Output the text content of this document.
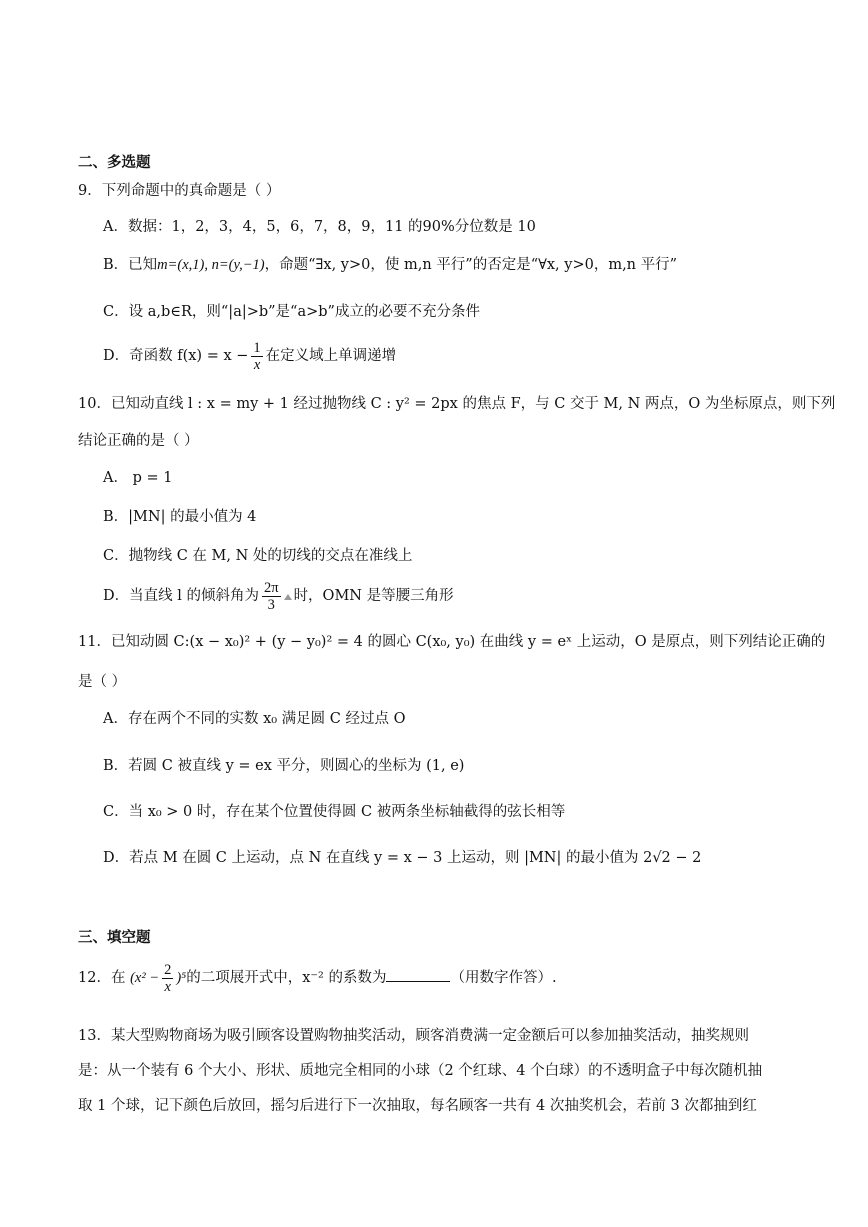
二、多选题
9．下列命题中的真命题是（ ）
A．数据：1，2，3，4，5，6，7，8，9，11 的90%分位数是 10
B．已知m=(x,1), n=(y,−1)，命题“∃x, y>0，使 m,n 平行”的否定是“∀x, y>0，m,n 平行”
C．设 a,b∈R，则“|a|>b”是“a>b”成立的必要不充分条件
D．奇函数 $f(x) = x - \frac{1}{x}$ 在定义域上单调递增
10．已知动直线 l : x = my + 1 经过抛物线 C : y² = 2px 的焦点 F，与 C 交于 M, N 两点，O 为坐标原点，则下列
结论正确的是（ ）
A． p = 1
B．|MN| 的最小值为 4
C．抛物线 C 在 M, N 处的切线的交点在准线上
D．当直线 l 的倾斜角为 $\frac{2\pi}{3}$ 时，OMN 是等腰三角形
11．已知动圆 C:(x − x₀)² + (y − y₀)² = 4 的圆心 C(x₀, y₀) 在曲线 y = eˣ 上运动，O 是原点，则下列结论正确的
是（ ）
A．存在两个不同的实数 x₀ 满足圆 C 经过点 O
B．若圆 C 被直线 y = ex 平分，则圆心的坐标为 (1, e)
C．当 x₀ > 0 时，存在某个位置使得圆 C 被两条坐标轴截得的弦长相等
D．若点 M 在圆 C 上运动，点 N 在直线 y = x − 3 上运动，则 |MN| 的最小值为 2√2 − 2
三、填空题
12．在 $(x^2 - \frac{2}{x} )^5$的二项展开式中，x⁻² 的系数为	（用数字作答）.
13．某大型购物商场为吸引顾客设置购物抽奖活动，顾客消费满一定金额后可以参加抽奖活动，抽奖规则
是：从一个装有 6 个大小、形状、质地完全相同的小球（2 个红球、4 个白球）的不透明盒子中每次随机抽
取 1 个球，记下颜色后放回，摇匀后进行下一次抽取，每名顾客一共有 4 次抽奖机会，若前 3 次都抽到红
